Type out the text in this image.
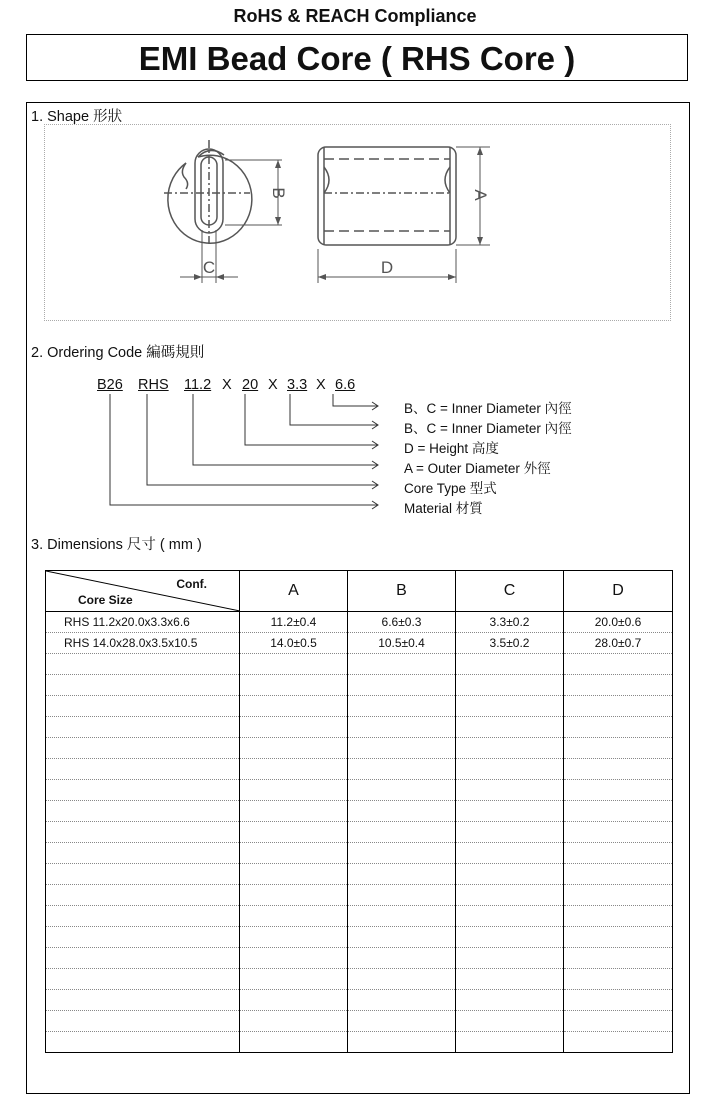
RoHS & REACH Compliance
EMI Bead Core ( RHS Core )
1. Shape 形狀
B
C
A
D
2. Ordering Code 編碼規則
B26 RHS 11.2 X 20 X 3.3 X 6.6
B、C = Inner Diameter 內徑
B、C = Inner Diameter 內徑
D = Height 高度
A = Outer Diameter 外徑
Core Type 型式
Material 材質
3. Dimensions 尺寸 ( mm )
Conf.
Core Size	A	B	C	D
RHS 11.2x20.0x3.3x6.6	11.2±0.4	6.6±0.3	3.3±0.2	20.0±0.6
RHS 14.0x28.0x3.5x10.5	14.0±0.5	10.5±0.4	3.5±0.2	28.0±0.7
